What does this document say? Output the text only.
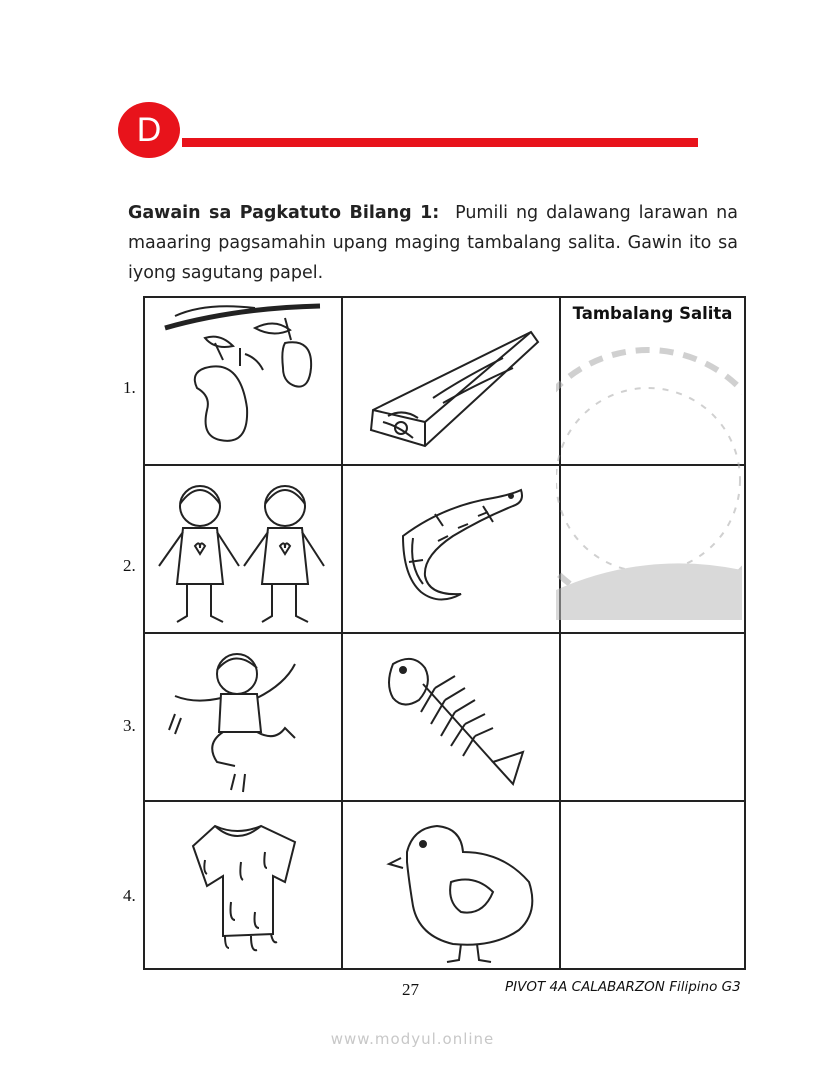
D

Gawain sa Pagkatuto Bilang 1: Pumili ng dalawang larawan na maaaring pagsamahin upang maging tambalang salita. Gawin ito sa iyong sagutang papel.

1.
2.
3.
4.

Tambalang Salita

27	PIVOT 4A CALABARZON Filipino G3
www.modyul.online
